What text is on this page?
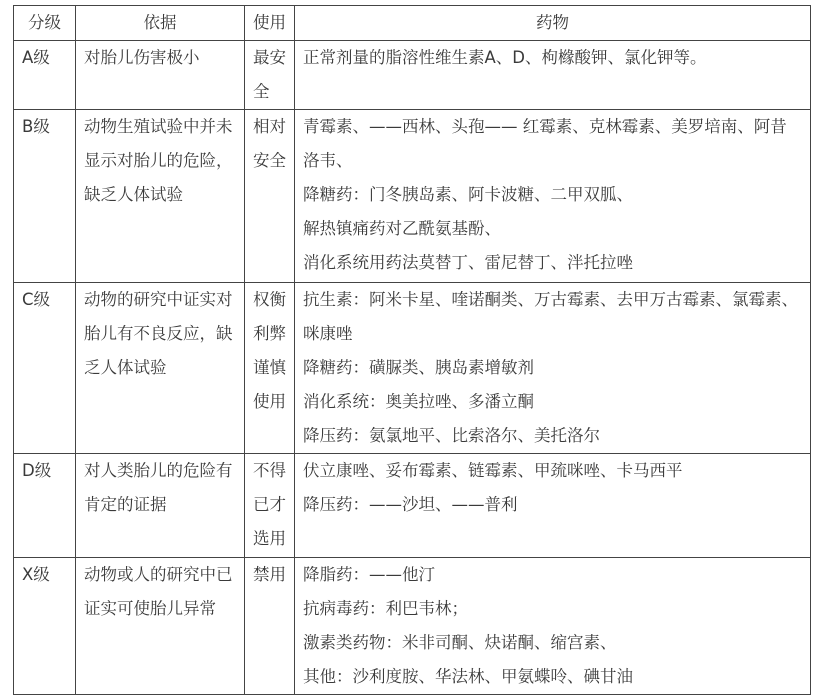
分级	依据	使用	药物
A级	对胎儿伤害极小	最安全	正常剂量的脂溶性维生素A、D、枸橼酸钾、氯化钾等。

B级	动物生殖试验中并未显示对胎儿的危险，缺乏人体试验	相对安全	青霉素、——西林、头孢—— 红霉素、克林霉素、美罗培南、阿昔洛韦、
降糖药：门冬胰岛素、阿卡波糖、二甲双胍、
解热镇痛药对乙酰氨基酚、
消化系统用药法莫替丁、雷尼替丁、泮托拉唑

C级	动物的研究中证实对胎儿有不良反应，缺乏人体试验	权衡利弊谨慎使用	抗生素：阿米卡星、喹诺酮类、万古霉素、去甲万古霉素、氯霉素、咪康唑
降糖药：磺脲类、胰岛素增敏剂
消化系统：奥美拉唑、多潘立酮
降压药：氨氯地平、比索洛尔、美托洛尔

D级	对人类胎儿的危险有肯定的证据	不得已才选用	伏立康唑、妥布霉素、链霉素、甲巯咪唑、卡马西平
降压药：——沙坦、——普利

X级	动物或人的研究中已证实可使胎儿异常	禁用	降脂药：——他汀
抗病毒药：利巴韦林；
激素类药物：米非司酮、炔诺酮、缩宫素、
其他：沙利度胺、华法林、甲氨蝶呤、碘甘油
